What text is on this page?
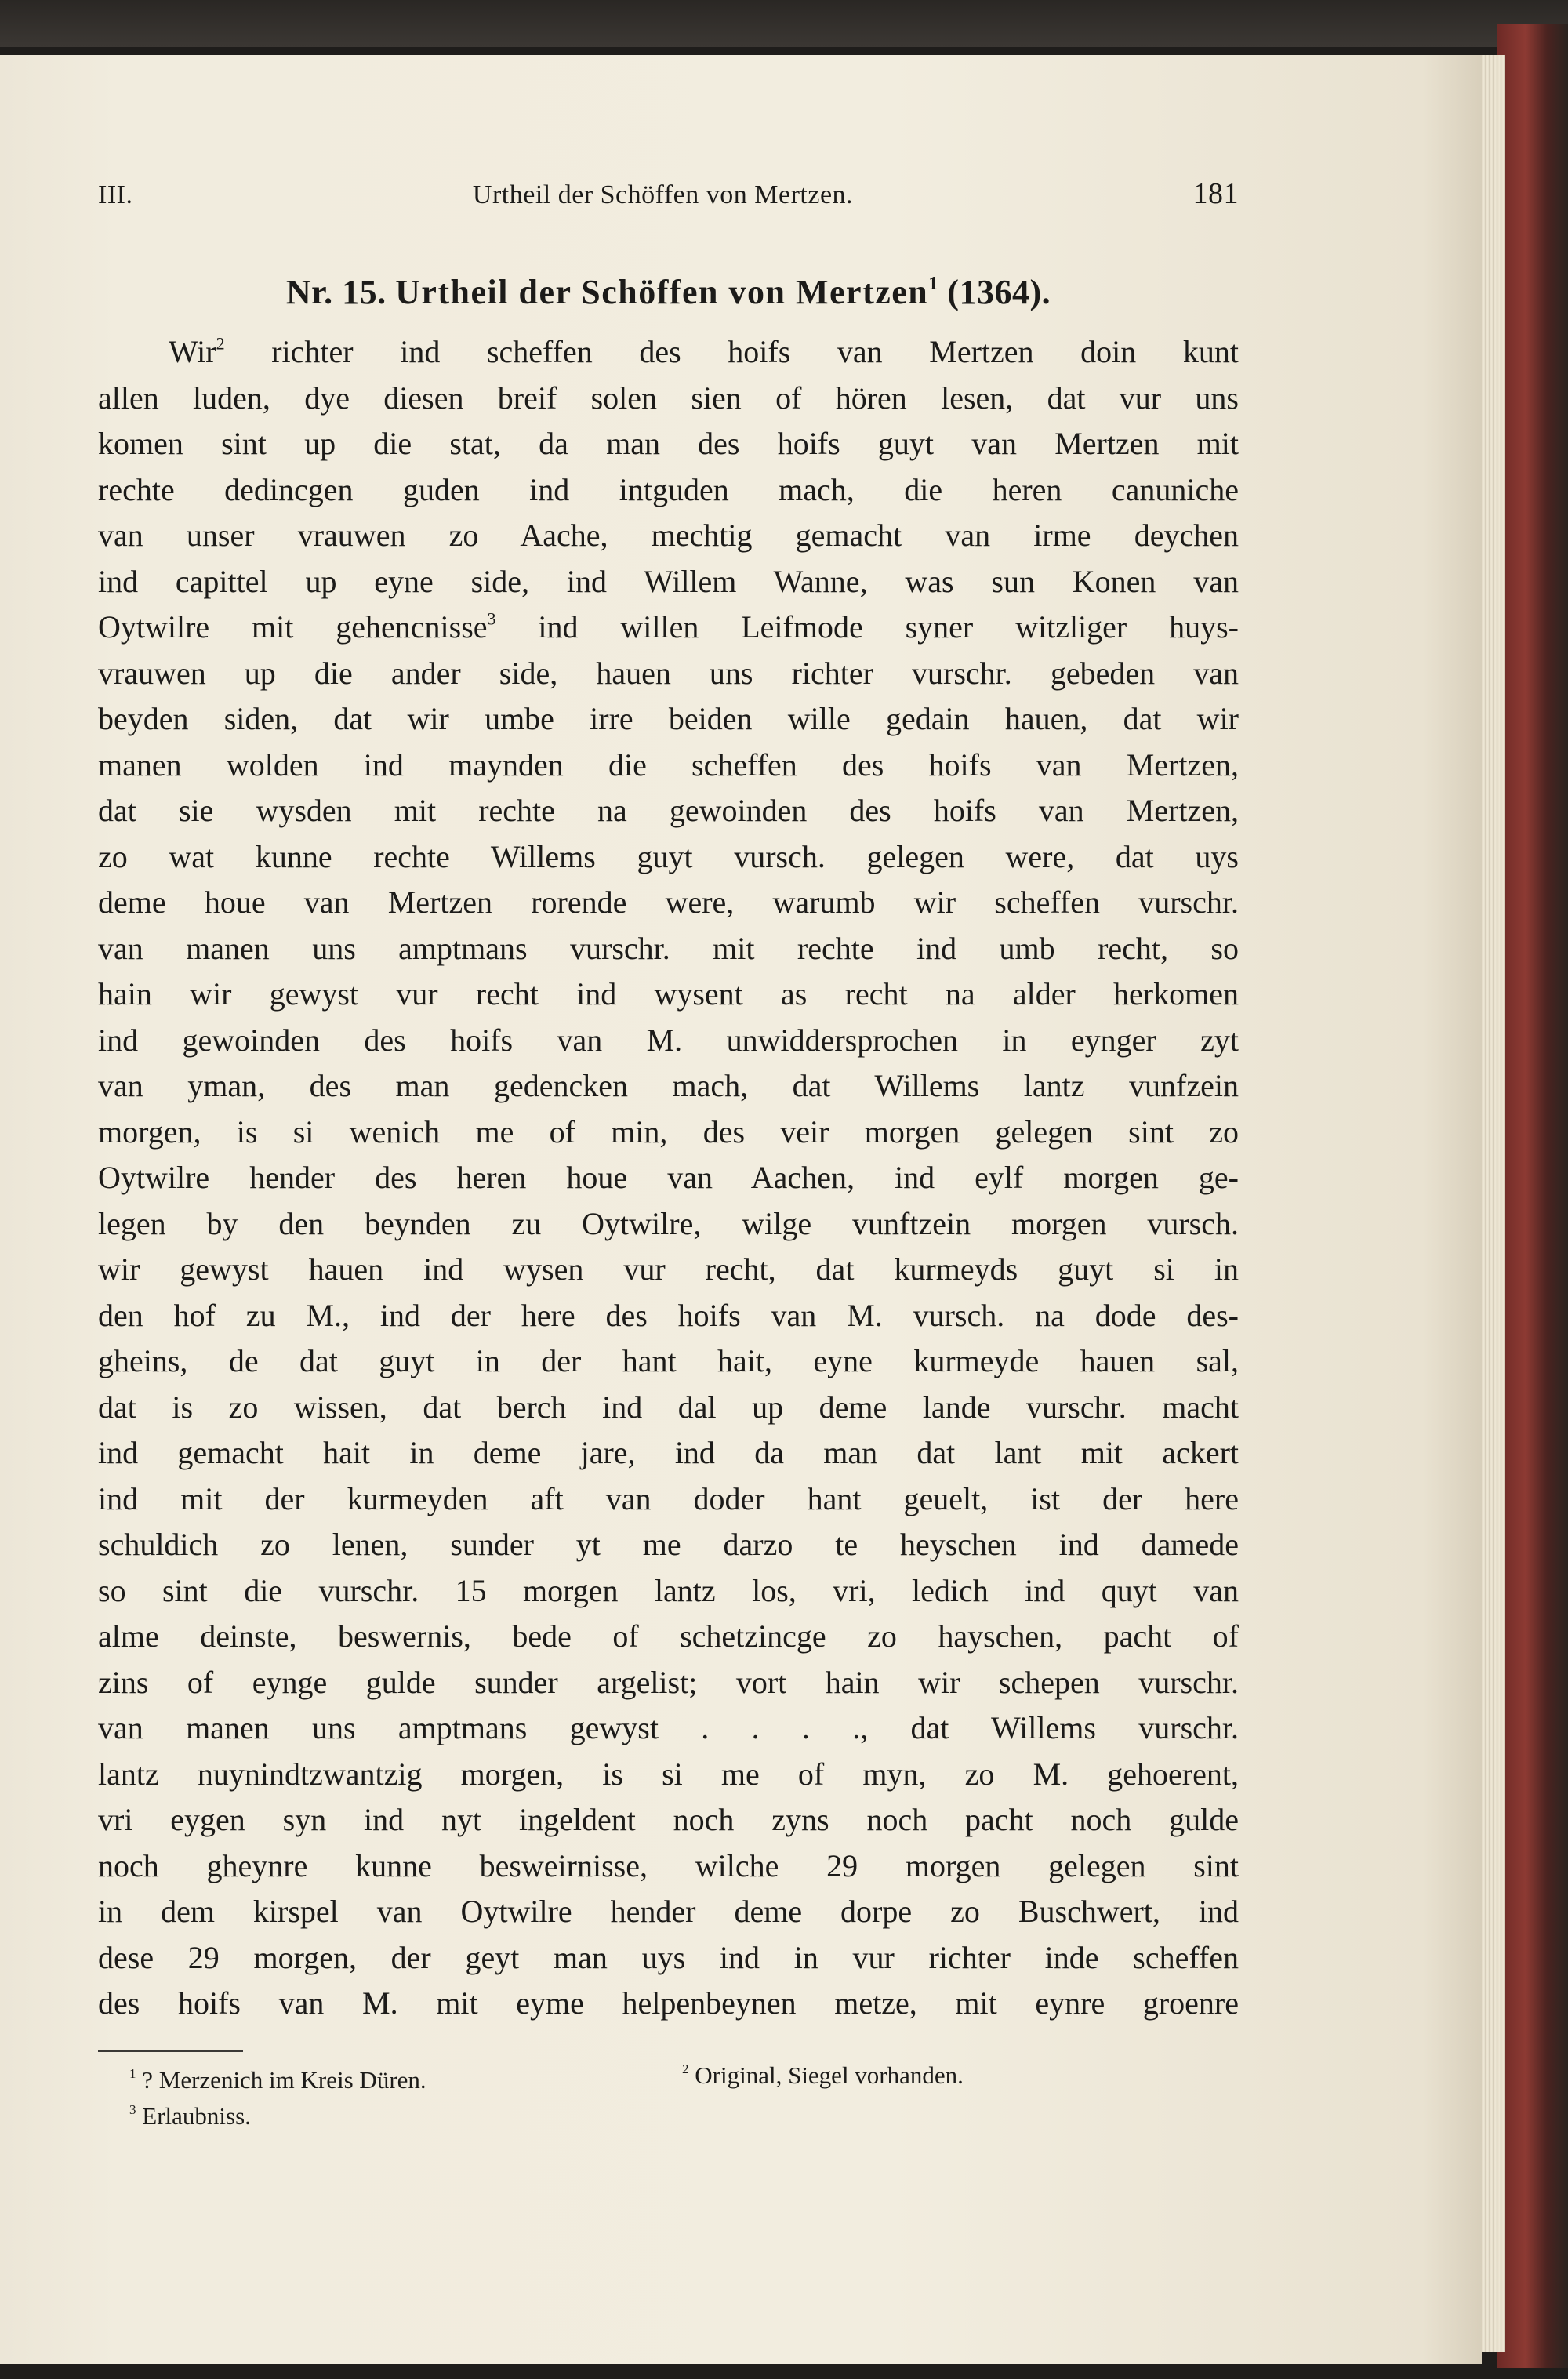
III.	Urtheil der Schöffen von Mertzen.	181
Nr. 15. Urtheil der Schöffen von Mertzen$^1$ (1364).
Wir$^2$ richter ind scheffen des hoifs van Mertzen doin kunt
allen luden, dye diesen breif solen sien of hören lesen, dat vur uns
komen sint up die stat, da man des hoifs guyt van Mertzen mit
rechte dedincgen guden ind intguden mach, die heren canuniche
van unser vrauwen zo Aache, mechtig gemacht van irme deychen
ind capittel up eyne side, ind Willem Wanne, was sun Konen van
Oytwilre mit gehencnisse$^3$ ind willen Leifmode syner witzliger huys-
vrauwen up die ander side, hauen uns richter vurschr. gebeden van
beyden siden, dat wir umbe irre beiden wille gedain hauen, dat wir
manen wolden ind maynden die scheffen des hoifs van Mertzen,
dat sie wysden mit rechte na gewoinden des hoifs van Mertzen,
zo wat kunne rechte Willems guyt vursch. gelegen were, dat uys
deme houe van Mertzen rorende were, warumb wir scheffen vurschr.
van manen uns amptmans vurschr. mit rechte ind umb recht, so
hain wir gewyst vur recht ind wysent as recht na alder herkomen
ind gewoinden des hoifs van M. unwiddersprochen in eynger zyt
van yman, des man gedencken mach, dat Willems lantz vunfzein
morgen, is si wenich me of min, des veir morgen gelegen sint zo
Oytwilre hender des heren houe van Aachen, ind eylf morgen ge-
legen by den beynden zu Oytwilre, wilge vunftzein morgen vursch.
wir gewyst hauen ind wysen vur recht, dat kurmeyds guyt si in
den hof zu M., ind der here des hoifs van M. vursch. na dode des-
gheins, de dat guyt in der hant hait, eyne kurmeyde hauen sal,
dat is zo wissen, dat berch ind dal up deme lande vurschr. macht
ind gemacht hait in deme jare, ind da man dat lant mit ackert
ind mit der kurmeyden aft van doder hant geuelt, ist der here
schuldich zo lenen, sunder yt me darzo te heyschen ind damede
so sint die vurschr. 15 morgen lantz los, vri, ledich ind quyt van
alme deinste, beswernis, bede of schetzincge zo hayschen, pacht of
zins of eynge gulde sunder argelist; vort hain wir schepen vurschr.
van manen uns amptmans gewyst . . . ., dat Willems vurschr.
lantz nuynindtzwantzig morgen, is si me of myn, zo M. gehoerent,
vri eygen syn ind nyt ingeldent noch zyns noch pacht noch gulde
noch gheynre kunne besweirnisse, wilche 29 morgen gelegen sint
in dem kirspel van Oytwilre hender deme dorpe zo Buschwert, ind
dese 29 morgen, der geyt man uys ind in vur richter inde scheffen
des hoifs van M. mit eyme helpenbeynen metze, mit eynre groenre
$^1$ ? Merzenich im Kreis Düren.	$^2$ Original, Siegel vorhanden.
$^3$ Erlaubniss.
